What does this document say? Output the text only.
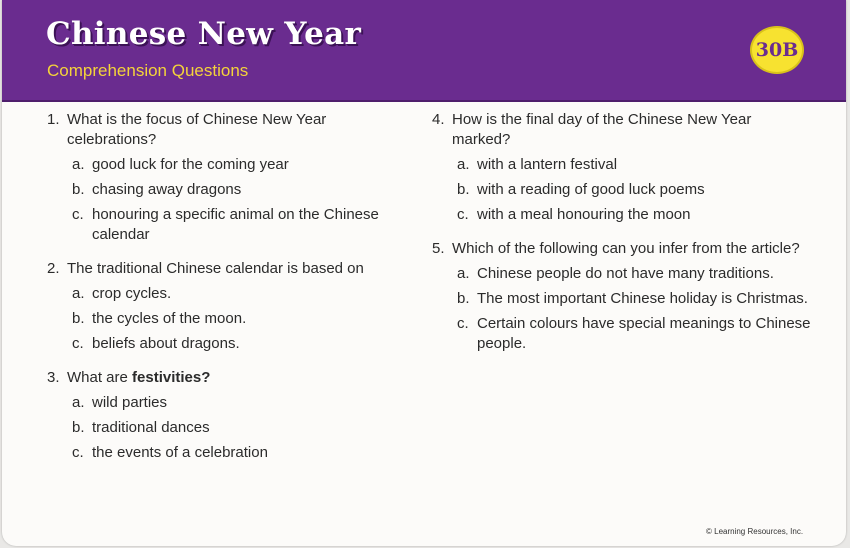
Chinese New Year
Comprehension Questions
30B
1. What is the focus of Chinese New Year celebrations?
a. good luck for the coming year
b. chasing away dragons
c. honouring a specific animal on the Chinese calendar
2. The traditional Chinese calendar is based on
a. crop cycles.
b. the cycles of the moon.
c. beliefs about dragons.
3. What are festivities?
a. wild parties
b. traditional dances
c. the events of a celebration
4. How is the final day of the Chinese New Year marked?
a. with a lantern festival
b. with a reading of good luck poems
c. with a meal honouring the moon
5. Which of the following can you infer from the article?
a. Chinese people do not have many traditions.
b. The most important Chinese holiday is Christmas.
c. Certain colours have special meanings to Chinese people.
© Learning Resources, Inc.
